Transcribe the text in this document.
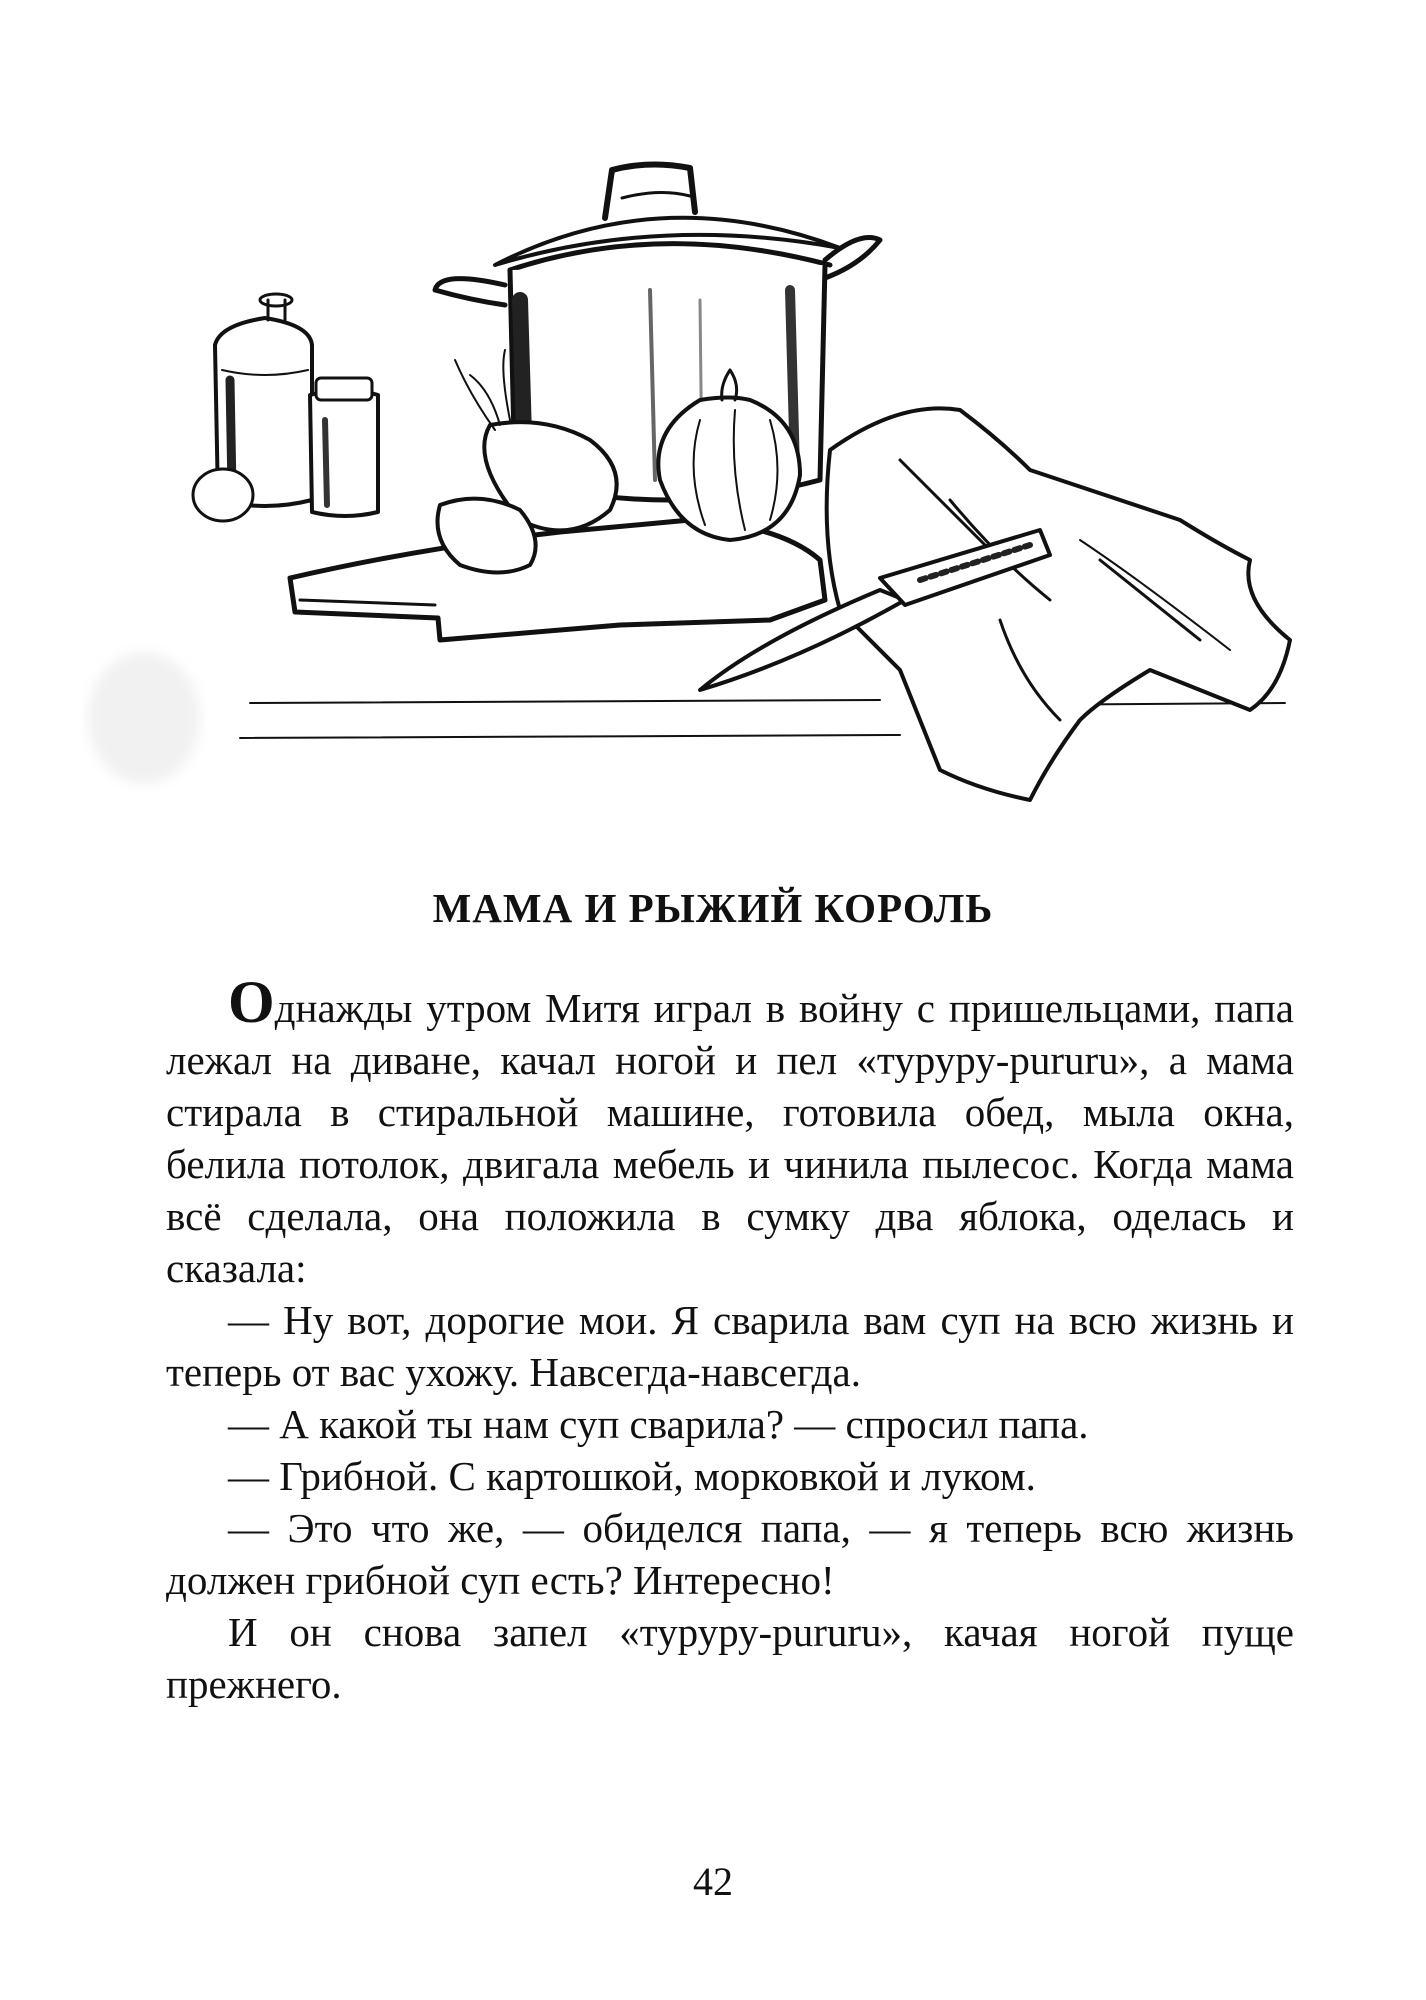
МАМА И РЫЖИЙ КОРОЛЬ

Однажды утром Митя играл в войну с пришельцами, папа лежал на диване, качал ногой и пел «туруру-рururu», а мама стирала в стиральной машине, готовила обед, мыла окна, белила потолок, двигала мебель и чинила пылесос. Когда мама всё сделала, она положила в сумку два яблока, оделась и сказала:

— Ну вот, дорогие мои. Я сварила вам суп на всю жизнь и теперь от вас ухожу. Навсегда-навсегда.

— А какой ты нам суп сварила? — спросил папа.

— Грибной. С картошкой, морковкой и луком.

— Это что же, — обиделся папа, — я теперь всю жизнь должен грибной суп есть? Интересно!

И он снова запел «туруру-рururu», качая ногой пуще прежнего.

42
